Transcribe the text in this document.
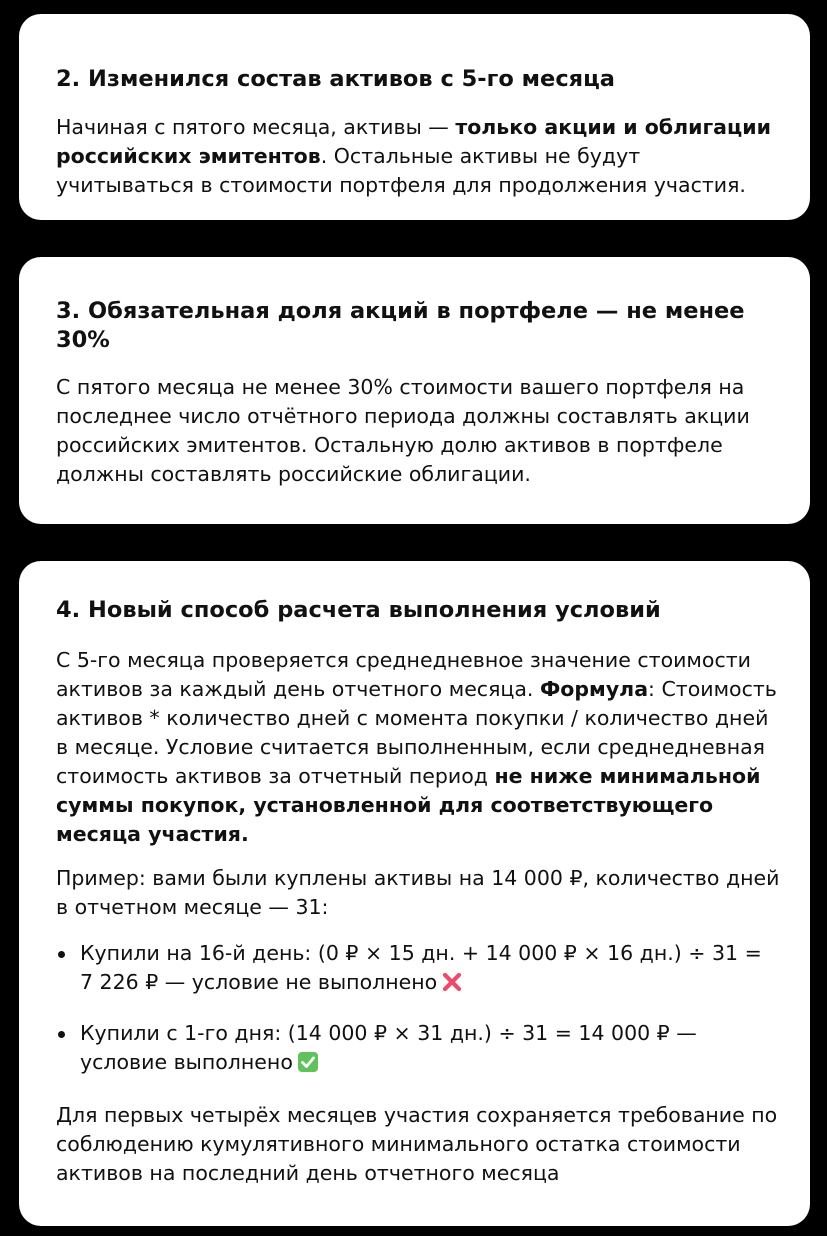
2. Изменился состав активов с 5-го месяца

Начиная с пятого месяца, активы — только акции и облигации российских эмитентов. Остальные активы не будут учитываться в стоимости портфеля для продолжения участия.

3. Обязательная доля акций в портфеле — не менее 30%

С пятого месяца не менее 30% стоимости вашего портфеля на последнее число отчётного периода должны составлять акции российских эмитентов. Остальную долю активов в портфеле должны составлять российские облигации.

4. Новый способ расчета выполнения условий

С 5-го месяца проверяется среднедневное значение стоимости активов за каждый день отчетного месяца. Формула: Стоимость активов * количество дней с момента покупки / количество дней в месяце. Условие считается выполненным, если среднедневная стоимость активов за отчетный период не ниже минимальной суммы покупок, установленной для соответствующего месяца участия.

Пример: вами были куплены активы на 14 000 ₽, количество дней в отчетном месяце — 31:

Купили на 16-й день: (0 ₽ × 15 дн. + 14 000 ₽ × 16 дн.) ÷ 31 = 7 226 ₽ — условие не выполнено
Купили с 1-го дня: (14 000 ₽ × 31 дн.) ÷ 31 = 14 000 ₽ — условие выполнено

Для первых четырёх месяцев участия сохраняется требование по соблюдению кумулятивного минимального остатка стоимости активов на последний день отчетного месяца
